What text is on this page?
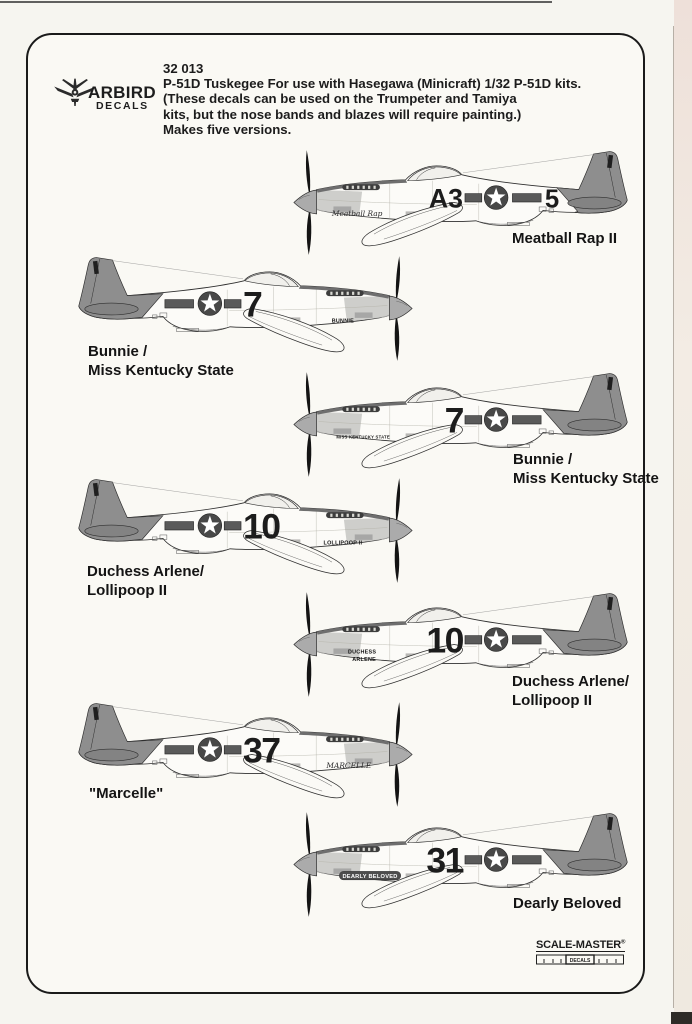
ARBIRD
DECALS
32 013
P-51D Tuskegee For use with Hasegawa (Minicraft) 1/32 P-51D kits.
(These decals can be used on the Trumpeter and Tamiya
kits, but the nose bands and blazes will require painting.)
Makes five versions.
A3 5
Meatball Rap
7	BUNNIE
7
MISS KENTUCKY STATE
10	LOLLIPOOP II
10
DUCHESS
ARLENE
37	MARCELLE
31
DEARLY BELOVED
Meatball Rap II
Bunnie /
Miss Kentucky State
Bunnie /
Miss Kentucky State
Duchess Arlene/
Lollipoop II
Duchess Arlene/
Lollipoop II
"Marcelle"
Dearly Beloved
SCALE-MASTER®
DECALS
